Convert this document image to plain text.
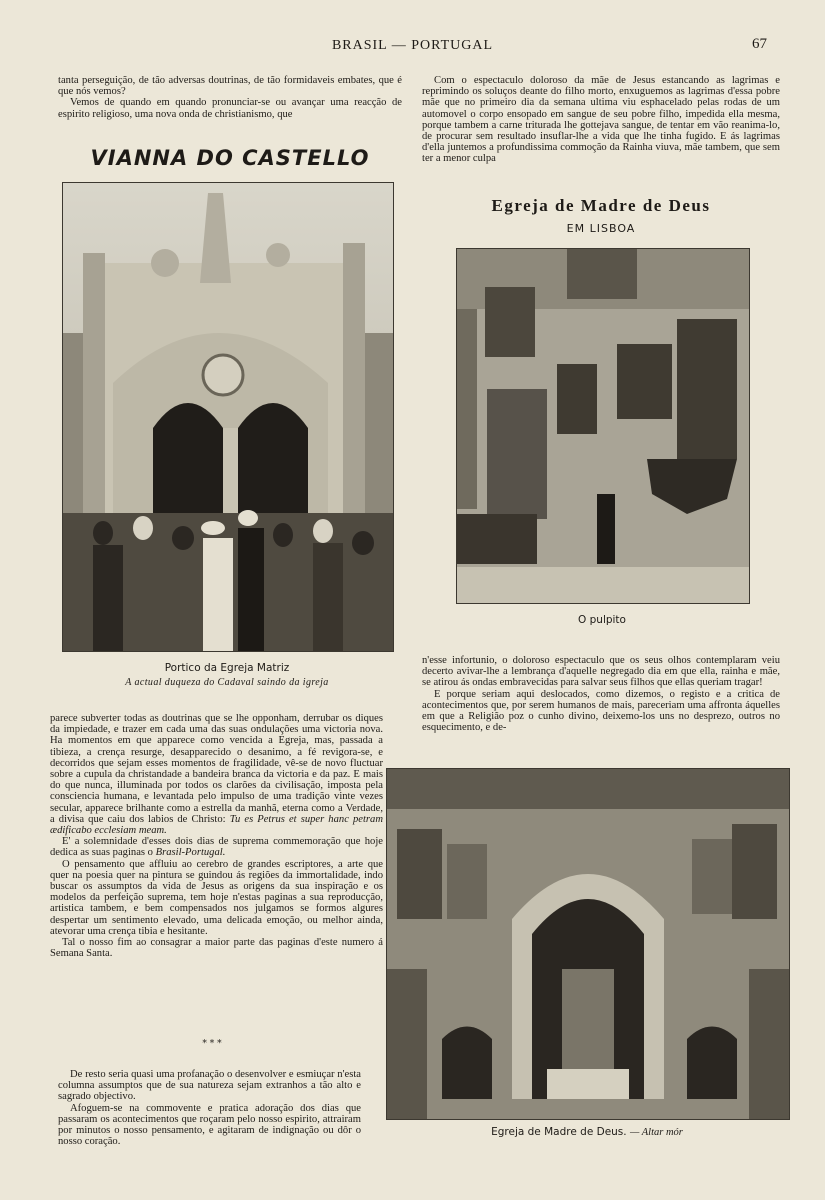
BRASIL — PORTUGAL	67

tanta perseguição, de tão adversas doutrinas, de tão formidaveis embates, que é que nós vemos?

Vemos de quando em quando pronunciar-se ou avançar uma reacção de espirito religioso, uma nova onda de christianismo, que

VIANNA DO CASTELLO
Portico da Egreja Matriz
A actual duqueza do Cadaval saindo da igreja

parece subverter todas as doutrinas que se lhe opponham, derrubar os diques da impiedade, e trazer em cada uma das suas ondulações uma victoria nova. Ha momentos em que apparece como vencida a Egreja, mas, passada a tibieza, a crença resurge, desapparecido o desanimo, a fé revigora-se, e decorridos que sejam esses momentos de fragilidade, vê-se de novo fluctuar sobre a cupula da christandade a bandeira branca da victoria e da paz. E mais do que nunca, illuminada por todos os clarões da civilisação, imposta pela consciencia humana, e levantada pelo impulso de uma tradição vinte vezes secular, apparece brilhante como a estrella da manhã, eterna como a Verdade, a divisa que caiu dos labios de Christo: Tu es Petrus et super hanc petram ædificabo ecclesiam meam.

E' a solemnidade d'esses dois dias de suprema commemoração que hoje dedica as suas paginas o Brasil-Portugal.

O pensamento que affluiu ao cerebro de grandes escriptores, a arte que quer na poesia quer na pintura se guindou ás regiões da immortalidade, indo buscar os assumptos da vida de Jesus as origens da sua inspiração e os modelos da perfeição suprema, tem hoje n'estas paginas a sua reproducção, artistica tambem, e bem compensados nos julgamos se formos algures despertar um sentimento elevado, uma delicada emoção, ou melhor ainda, atevorar uma crença tibia e hesitante.

Tal o nosso fim ao consagrar a maior parte das paginas d'este numero á Semana Santa.

* * *

De resto seria quasi uma profanação o desenvolver e esmiuçar n'esta columna assumptos que de sua natureza sejam extranhos a tão alto e sagrado objectivo.

Afoguem-se na commovente e pratica adoração dos dias que passaram os acontecimentos que roçaram pelo nosso espirito, attrairam por minutos o nosso pensamento, e agitaram de indignação ou dôr o nosso coração.

Com o espectaculo doloroso da mãe de Jesus estancando as lagrimas e reprimindo os soluços deante do filho morto, enxuguemos as lagrimas d'essa pobre mãe que no primeiro dia da semana ultima viu esphacelado pelas rodas de um automovel o corpo ensopado em sangue de seu pobre filho, impedida ella mesma, porque tambem a carne triturada lhe gottejava sangue, de tentar em vão reanima-lo, de procurar sem resultado insuflar-lhe a vida que lhe tinha fugido. E ás lagrimas d'ella juntemos a profundissima commoção da Rainha viuva, mãe tambem, que sem ter a menor culpa

Egreja de Madre de Deus
EM LISBOA
O pulpito

n'esse infortunio, o doloroso espectaculo que os seus olhos contemplaram veiu decerto avivar-lhe a lembrança d'aquelle negregado dia em que ella, rainha e mãe, se atirou ás ondas embravecidas para salvar seus filhos que ellas queriam tragar!

E porque seriam aqui deslocados, como dizemos, o registo e a critica de acontecimentos que, por serem humanos de mais, pareceriam uma affronta áquelles em que a Religião poz o cunho divino, deixemo-los uns no desprezo, outros no esquecimento, e de-

Egreja de Madre de Deus. — Altar mór
